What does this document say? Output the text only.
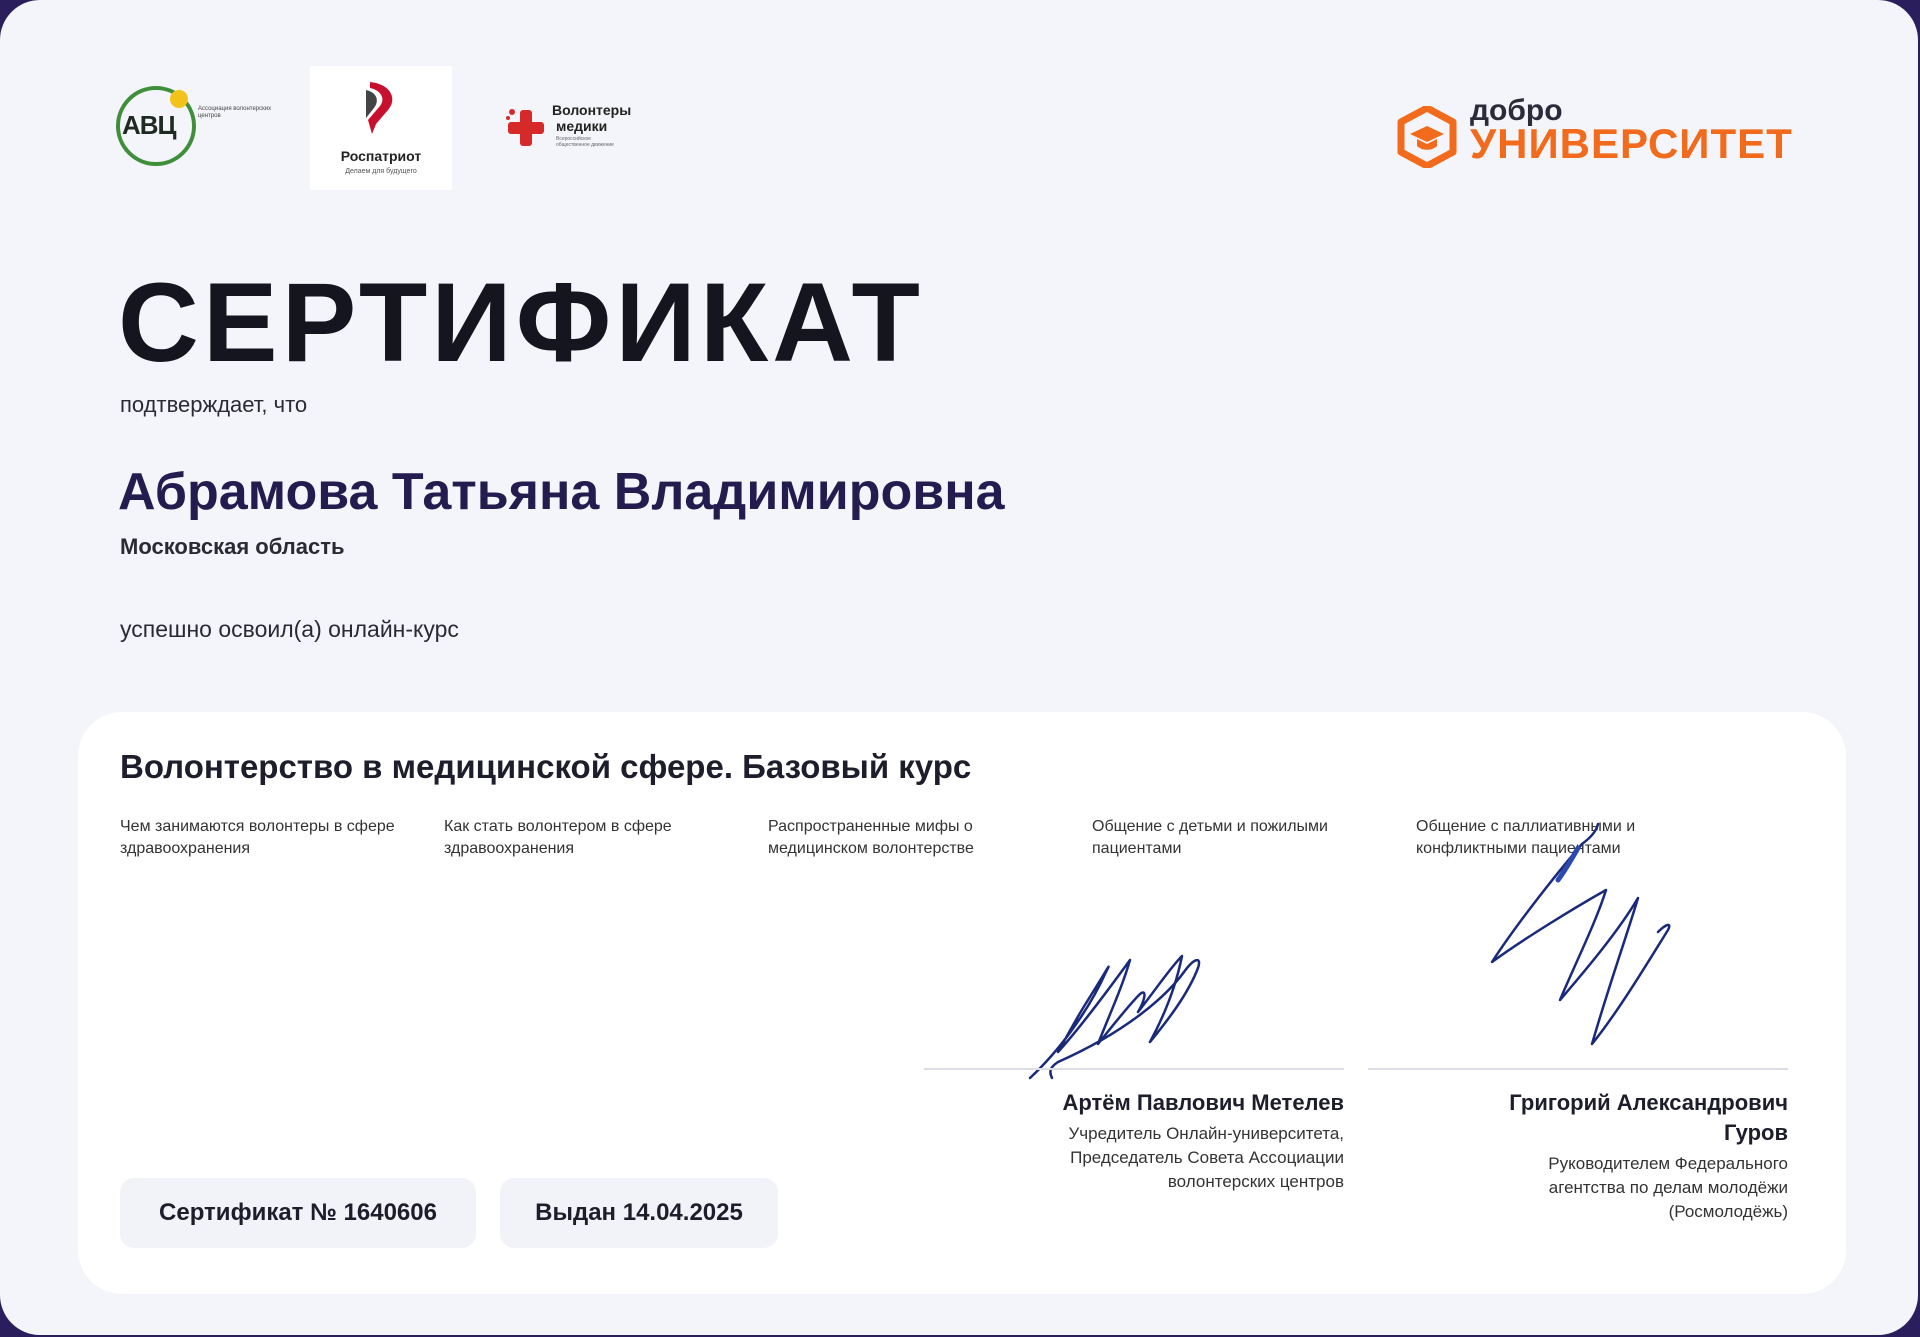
АВЦ
Ассоциация волонтерских центров
Роспатриот
Делаем для будущего
Волонтеры
медики
Всероссийское общественное движение
добро
УНИВЕРСИТЕТ
СЕРТИФИКАТ
подтверждает, что
Абрамова Татьяна Владимировна
Московская область
успешно освоил(а) онлайн-курс
Волонтерство в медицинской сфере. Базовый курс
Чем занимаются волонтеры в сфере здравоохранения
Как стать волонтером в сфере здравоохранения
Распространенные мифы о медицинском волонтерстве
Общение с детьми и пожилыми пациентами
Общение с паллиативными и конфликтными пациентами
Артём Павлович Метелев
Учредитель Онлайн-университета,
Председатель Совета Ассоциации
волонтерских центров
Григорий Александрович
Гуров
Руководителем Федерального
агентства по делам молодёжи
(Росмолодёжь)
Сертификат № 1640606	Выдан 14.04.2025
